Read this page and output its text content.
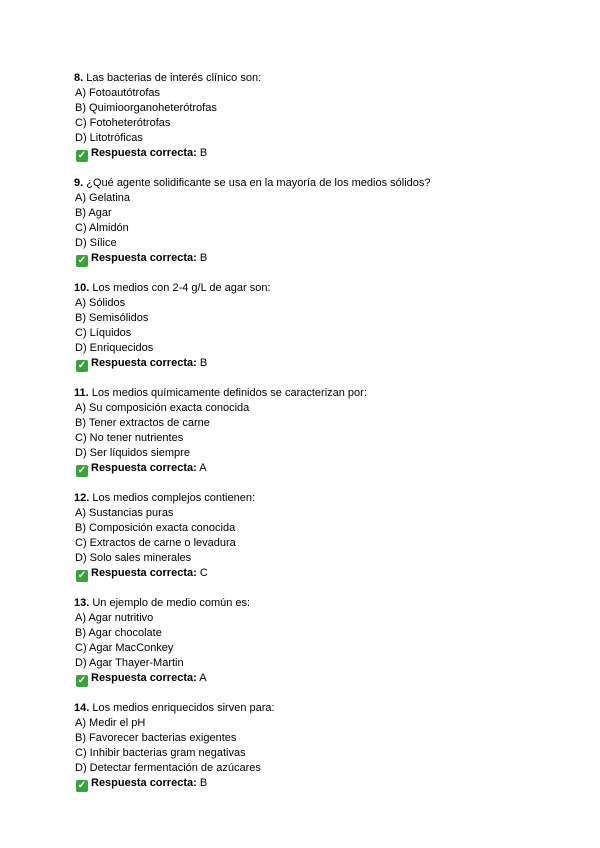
8. Las bacterias de interés clínico son:
A) Fotoautótrofas
B) Quimioorganoheterótrofas
C) Fotoheterótrofas
D) Litotróficas
✓ Respuesta correcta: B
9. ¿Qué agente solidificante se usa en la mayoría de los medios sólidos?
A) Gelatina
B) Agar
C) Almidón
D) Sílice
✓ Respuesta correcta: B
10. Los medios con 2-4 g/L de agar son:
A) Sólidos
B) Semisólidos
C) Líquidos
D) Enriquecidos
✓ Respuesta correcta: B
11. Los medios químicamente definidos se caracterizan por:
A) Su composición exacta conocida
B) Tener extractos de carne
C) No tener nutrientes
D) Ser líquidos siempre
✓ Respuesta correcta: A
12. Los medios complejos contienen:
A) Sustancias puras
B) Composición exacta conocida
C) Extractos de carne o levadura
D) Solo sales minerales
✓ Respuesta correcta: C
13. Un ejemplo de medio común es:
A) Agar nutritivo
B) Agar chocolate
C) Agar MacConkey
D) Agar Thayer-Martin
✓ Respuesta correcta: A
14. Los medios enriquecidos sirven para:
A) Medir el pH
B) Favorecer bacterias exigentes
C) Inhibir bacterias gram negativas
D) Detectar fermentación de azúcares
✓ Respuesta correcta: B
